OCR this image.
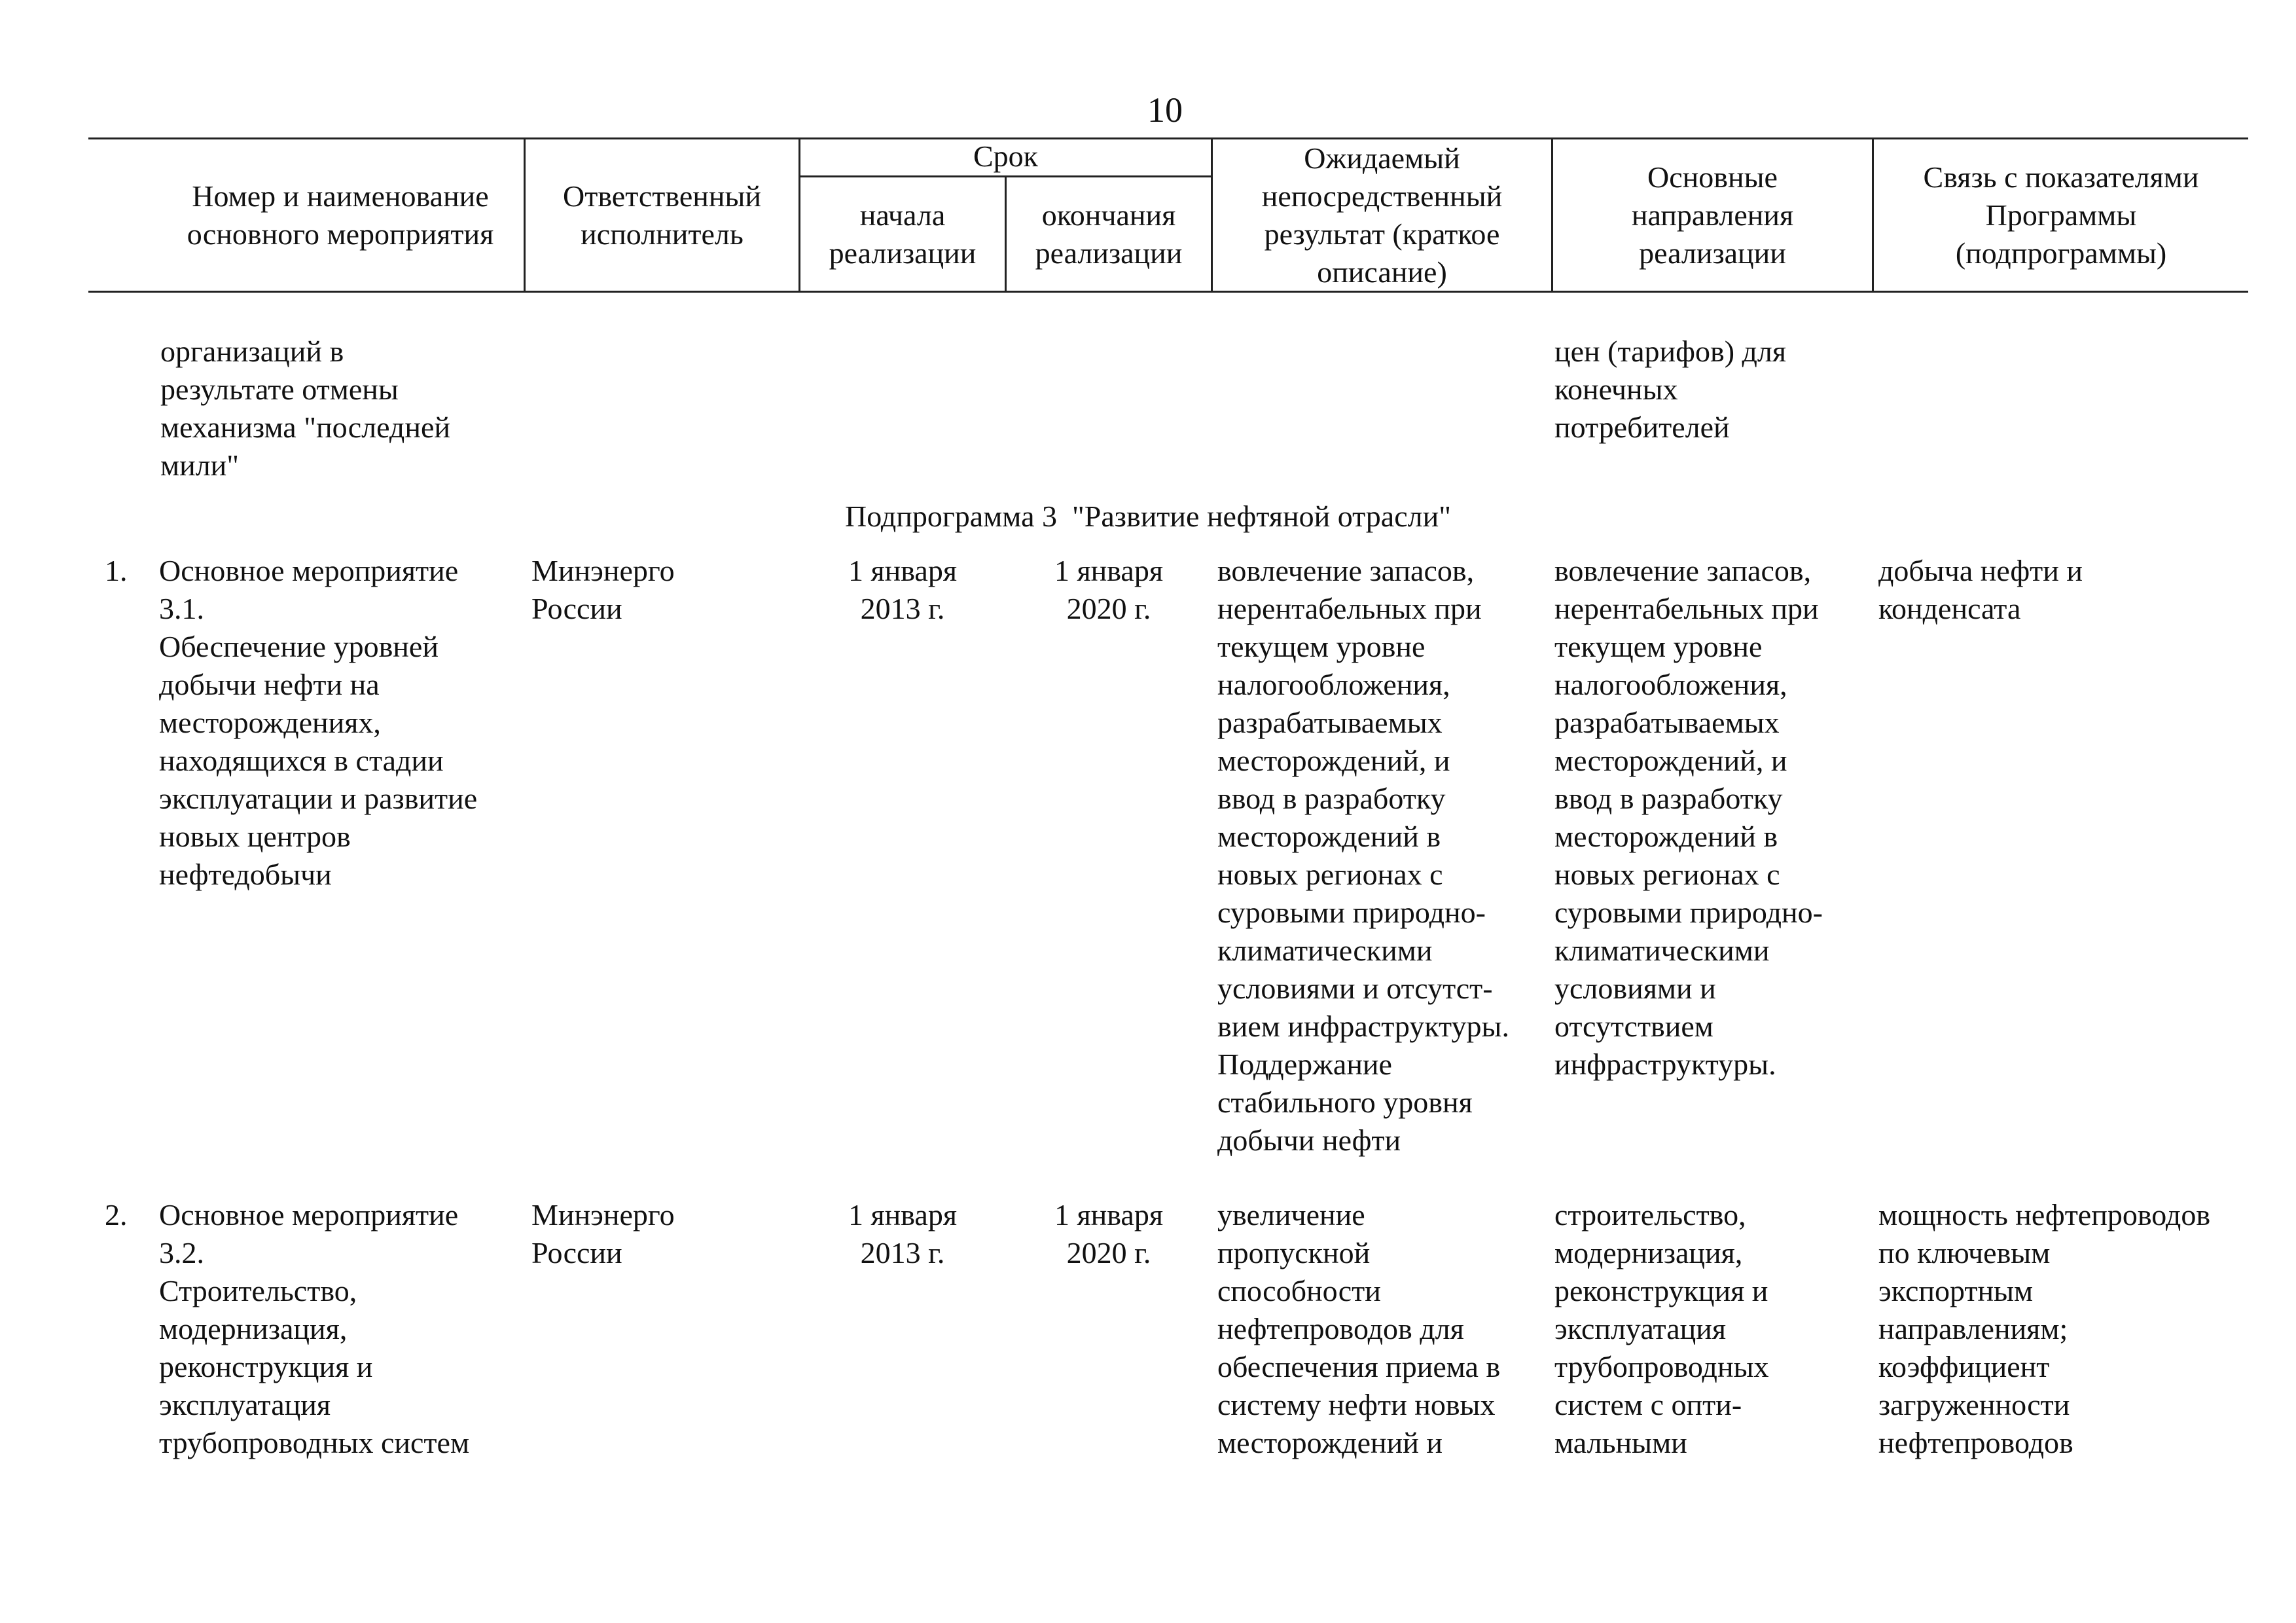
10
Номер и наименование
основного мероприятия
Ответственный
исполнитель
Срок
начала
реализации
окончания
реализации
Ожидаемый
непосредственный
результат (краткое
описание)
Основные
направления
реализации
Связь с показателями
Программы
(подпрограммы)
организаций в
результате отмены
механизма "последней
мили"
цен (тарифов) для
конечных
потребителей
Подпрограмма 3  "Развитие нефтяной отрасли"
1.	Основное мероприятие
3.1.
Обеспечение уровней
добычи нефти на
месторождениях,
находящихся в стадии
эксплуатации и развитие
новых центров
нефтедобычи
Минэнерго
России
1 января
2013 г.
1 января
2020 г.
вовлечение запасов,
нерентабельных при
текущем уровне
налогообложения,
разрабатываемых
месторождений, и
ввод в разработку
месторождений в
новых регионах с
суровыми природно-
климатическими
условиями и отсутст-
вием инфраструктуры.
Поддержание
стабильного уровня
добычи нефти
вовлечение запасов,
нерентабельных при
текущем уровне
налогообложения,
разрабатываемых
месторождений, и
ввод в разработку
месторождений в
новых регионах с
суровыми природно-
климатическими
условиями и
отсутствием
инфраструктуры.
добыча нефти и
конденсата
2.	Основное мероприятие
3.2.
Строительство,
модернизация,
реконструкция и
эксплуатация
трубопроводных систем
Минэнерго
России
1 января
2013 г.
1 января
2020 г.
увеличение
пропускной
способности
нефтепроводов для
обеспечения приема в
систему нефти новых
месторождений и
строительство,
модернизация,
реконструкция и
эксплуатация
трубопроводных
систем с опти-
мальными
мощность нефтепроводов
по ключевым
экспортным
направлениям;
коэффициент
загруженности
нефтепроводов
